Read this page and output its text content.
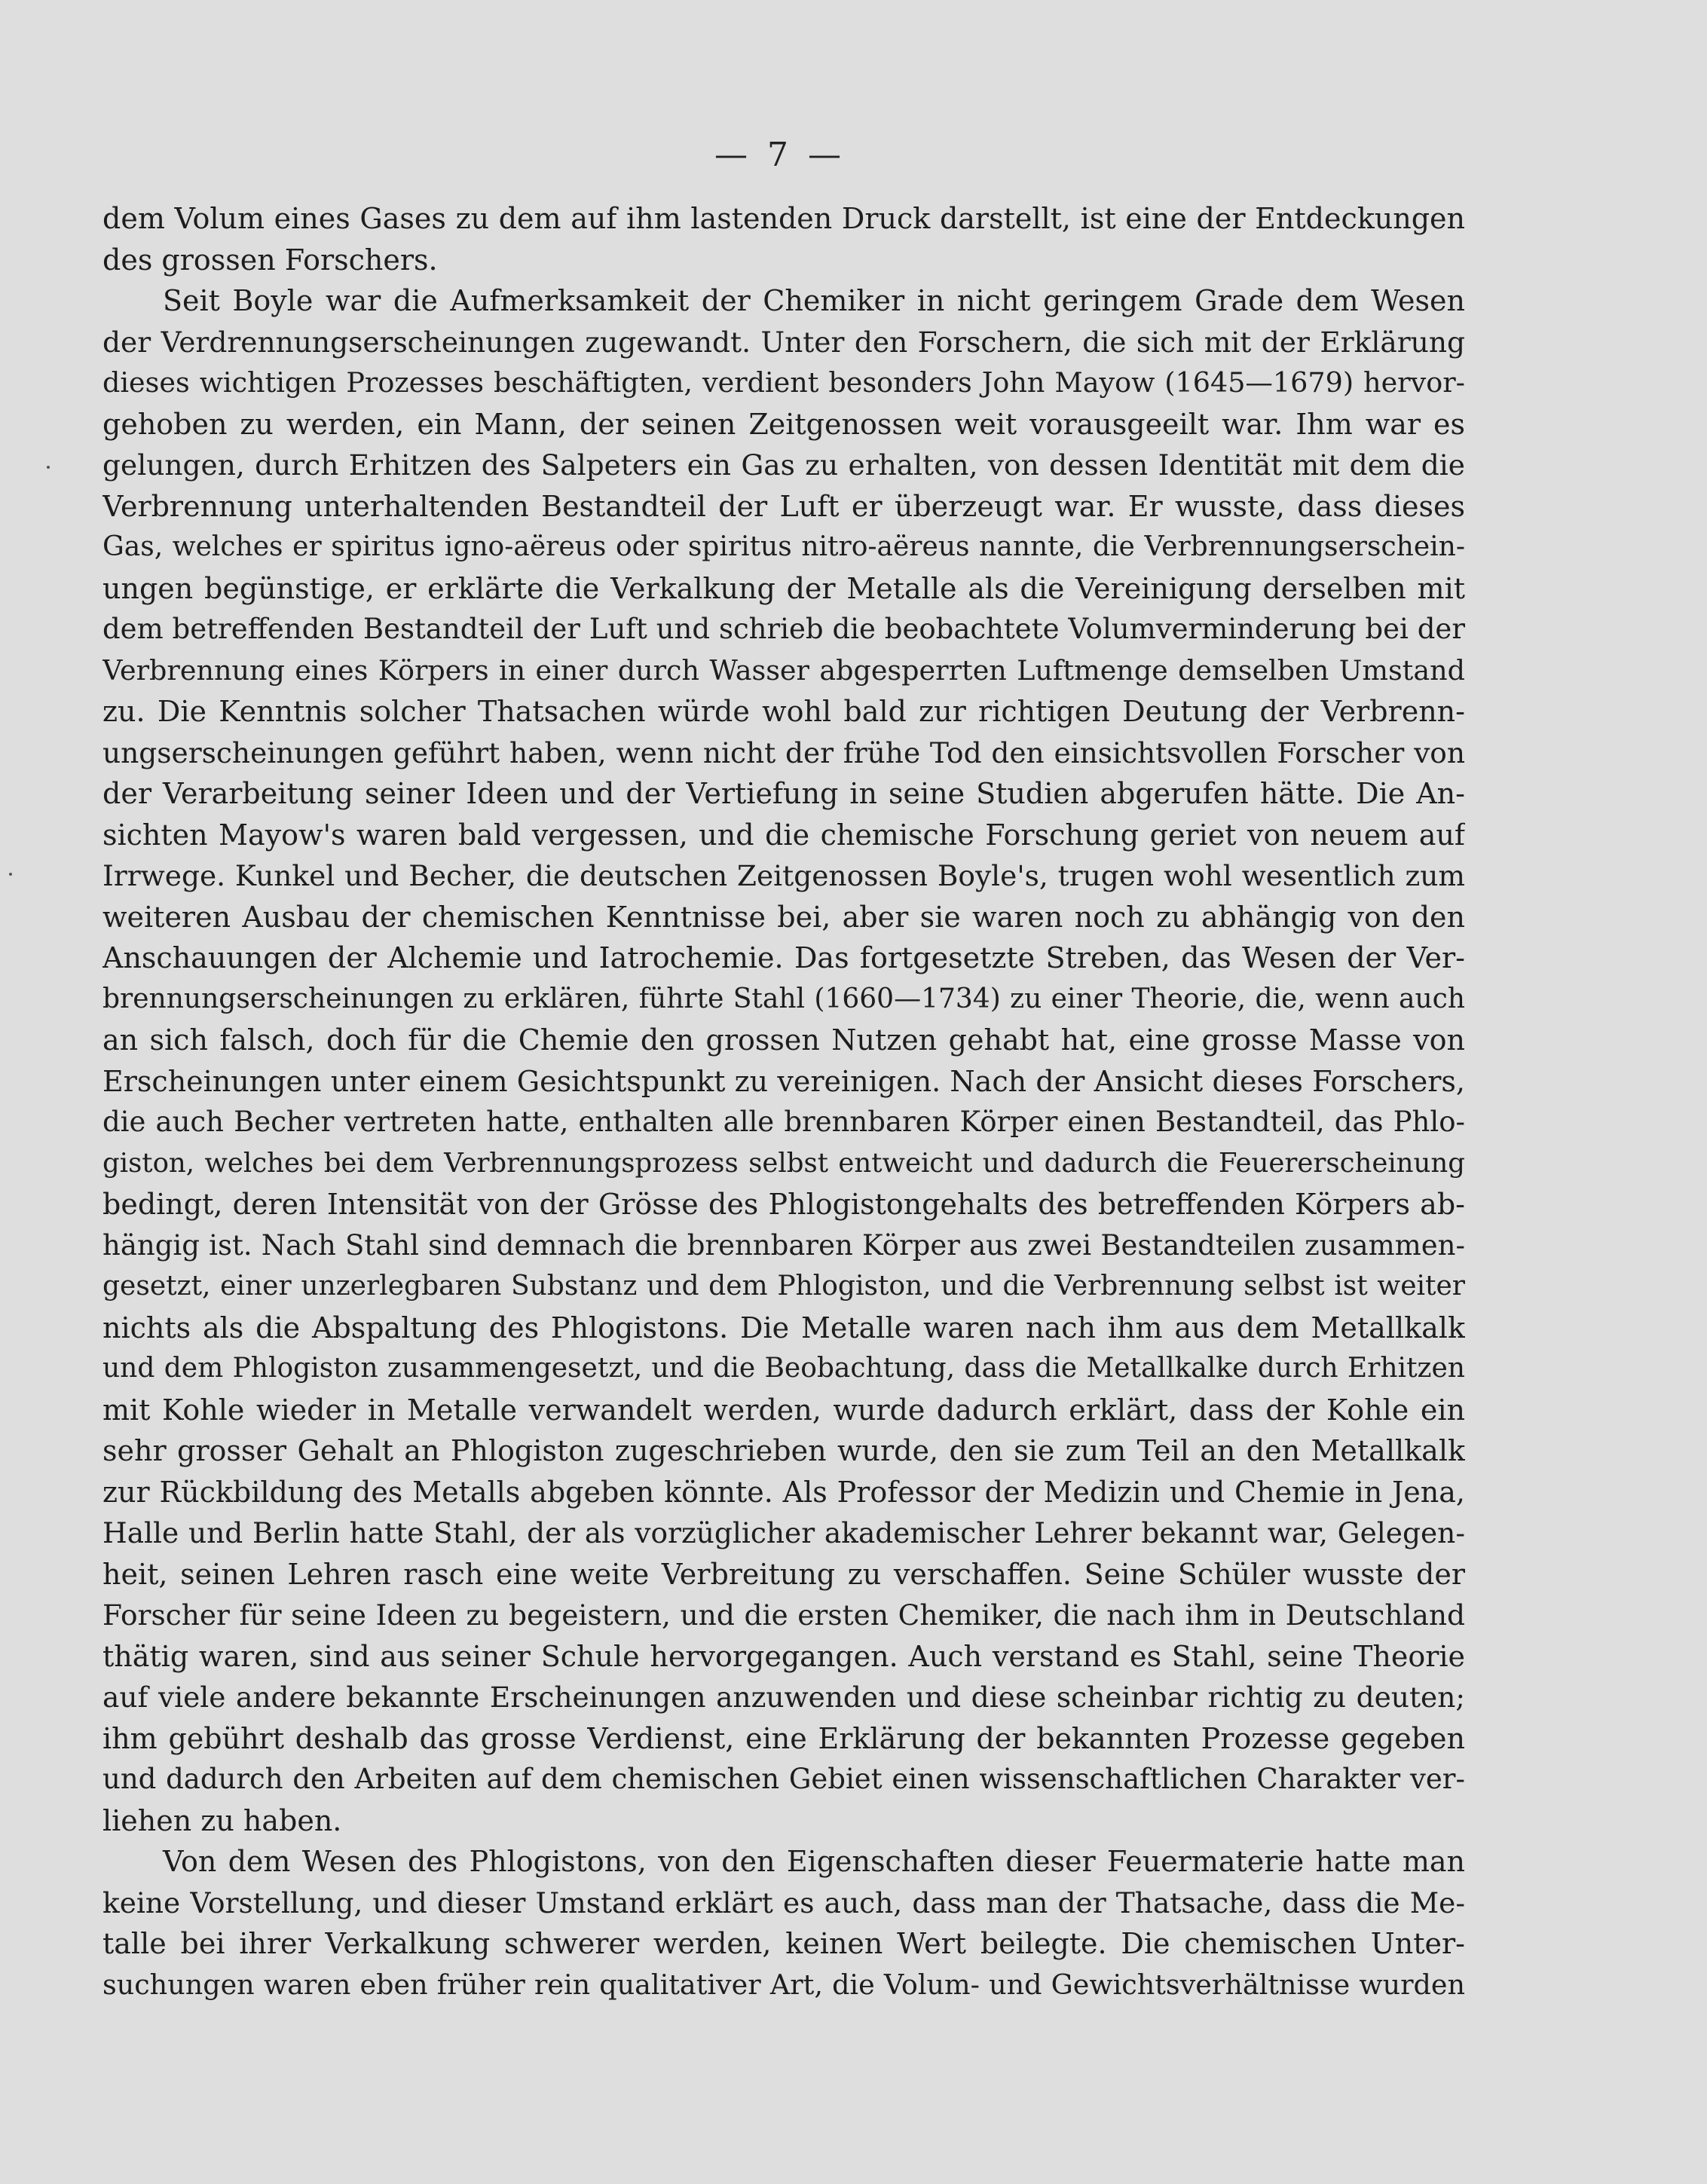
— 7 —
dem Volum eines Gases zu dem auf ihm lastenden Druck darstellt, ist eine der Entdeckungen
des grossen Forschers.
Seit Boyle war die Aufmerksamkeit der Chemiker in nicht geringem Grade dem Wesen
der Verdrennungserscheinungen zugewandt. Unter den Forschern, die sich mit der Erklärung
dieses wichtigen Prozesses beschäftigten, verdient besonders John Mayow (1645—1679) hervor-
gehoben zu werden, ein Mann, der seinen Zeitgenossen weit vorausgeeilt war. Ihm war es
gelungen, durch Erhitzen des Salpeters ein Gas zu erhalten, von dessen Identität mit dem die
Verbrennung unterhaltenden Bestandteil der Luft er überzeugt war. Er wusste, dass dieses
Gas, welches er spiritus igno-aëreus oder spiritus nitro-aëreus nannte, die Verbrennungserschein-
ungen begünstige, er erklärte die Verkalkung der Metalle als die Vereinigung derselben mit
dem betreffenden Bestandteil der Luft und schrieb die beobachtete Volumverminderung bei der
Verbrennung eines Körpers in einer durch Wasser abgesperrten Luftmenge demselben Umstand
zu. Die Kenntnis solcher Thatsachen würde wohl bald zur richtigen Deutung der Verbrenn-
ungserscheinungen geführt haben, wenn nicht der frühe Tod den einsichtsvollen Forscher von
der Verarbeitung seiner Ideen und der Vertiefung in seine Studien abgerufen hätte. Die An-
sichten Mayow's waren bald vergessen, und die chemische Forschung geriet von neuem auf
Irrwege. Kunkel und Becher, die deutschen Zeitgenossen Boyle's, trugen wohl wesentlich zum
weiteren Ausbau der chemischen Kenntnisse bei, aber sie waren noch zu abhängig von den
Anschauungen der Alchemie und Iatrochemie. Das fortgesetzte Streben, das Wesen der Ver-
brennungserscheinungen zu erklären, führte Stahl (1660—1734) zu einer Theorie, die, wenn auch
an sich falsch, doch für die Chemie den grossen Nutzen gehabt hat, eine grosse Masse von
Erscheinungen unter einem Gesichtspunkt zu vereinigen. Nach der Ansicht dieses Forschers,
die auch Becher vertreten hatte, enthalten alle brennbaren Körper einen Bestandteil, das Phlo-
giston, welches bei dem Verbrennungsprozess selbst entweicht und dadurch die Feuererscheinung
bedingt, deren Intensität von der Grösse des Phlogistongehalts des betreffenden Körpers ab-
hängig ist. Nach Stahl sind demnach die brennbaren Körper aus zwei Bestandteilen zusammen-
gesetzt, einer unzerlegbaren Substanz und dem Phlogiston, und die Verbrennung selbst ist weiter
nichts als die Abspaltung des Phlogistons. Die Metalle waren nach ihm aus dem Metallkalk
und dem Phlogiston zusammengesetzt, und die Beobachtung, dass die Metallkalke durch Erhitzen
mit Kohle wieder in Metalle verwandelt werden, wurde dadurch erklärt, dass der Kohle ein
sehr grosser Gehalt an Phlogiston zugeschrieben wurde, den sie zum Teil an den Metallkalk
zur Rückbildung des Metalls abgeben könnte. Als Professor der Medizin und Chemie in Jena,
Halle und Berlin hatte Stahl, der als vorzüglicher akademischer Lehrer bekannt war, Gelegen-
heit, seinen Lehren rasch eine weite Verbreitung zu verschaffen. Seine Schüler wusste der
Forscher für seine Ideen zu begeistern, und die ersten Chemiker, die nach ihm in Deutschland
thätig waren, sind aus seiner Schule hervorgegangen. Auch verstand es Stahl, seine Theorie
auf viele andere bekannte Erscheinungen anzuwenden und diese scheinbar richtig zu deuten;
ihm gebührt deshalb das grosse Verdienst, eine Erklärung der bekannten Prozesse gegeben
und dadurch den Arbeiten auf dem chemischen Gebiet einen wissenschaftlichen Charakter ver-
liehen zu haben.
Von dem Wesen des Phlogistons, von den Eigenschaften dieser Feuermaterie hatte man
keine Vorstellung, und dieser Umstand erklärt es auch, dass man der Thatsache, dass die Me-
talle bei ihrer Verkalkung schwerer werden, keinen Wert beilegte. Die chemischen Unter-
suchungen waren eben früher rein qualitativer Art, die Volum- und Gewichtsverhältnisse wurden
